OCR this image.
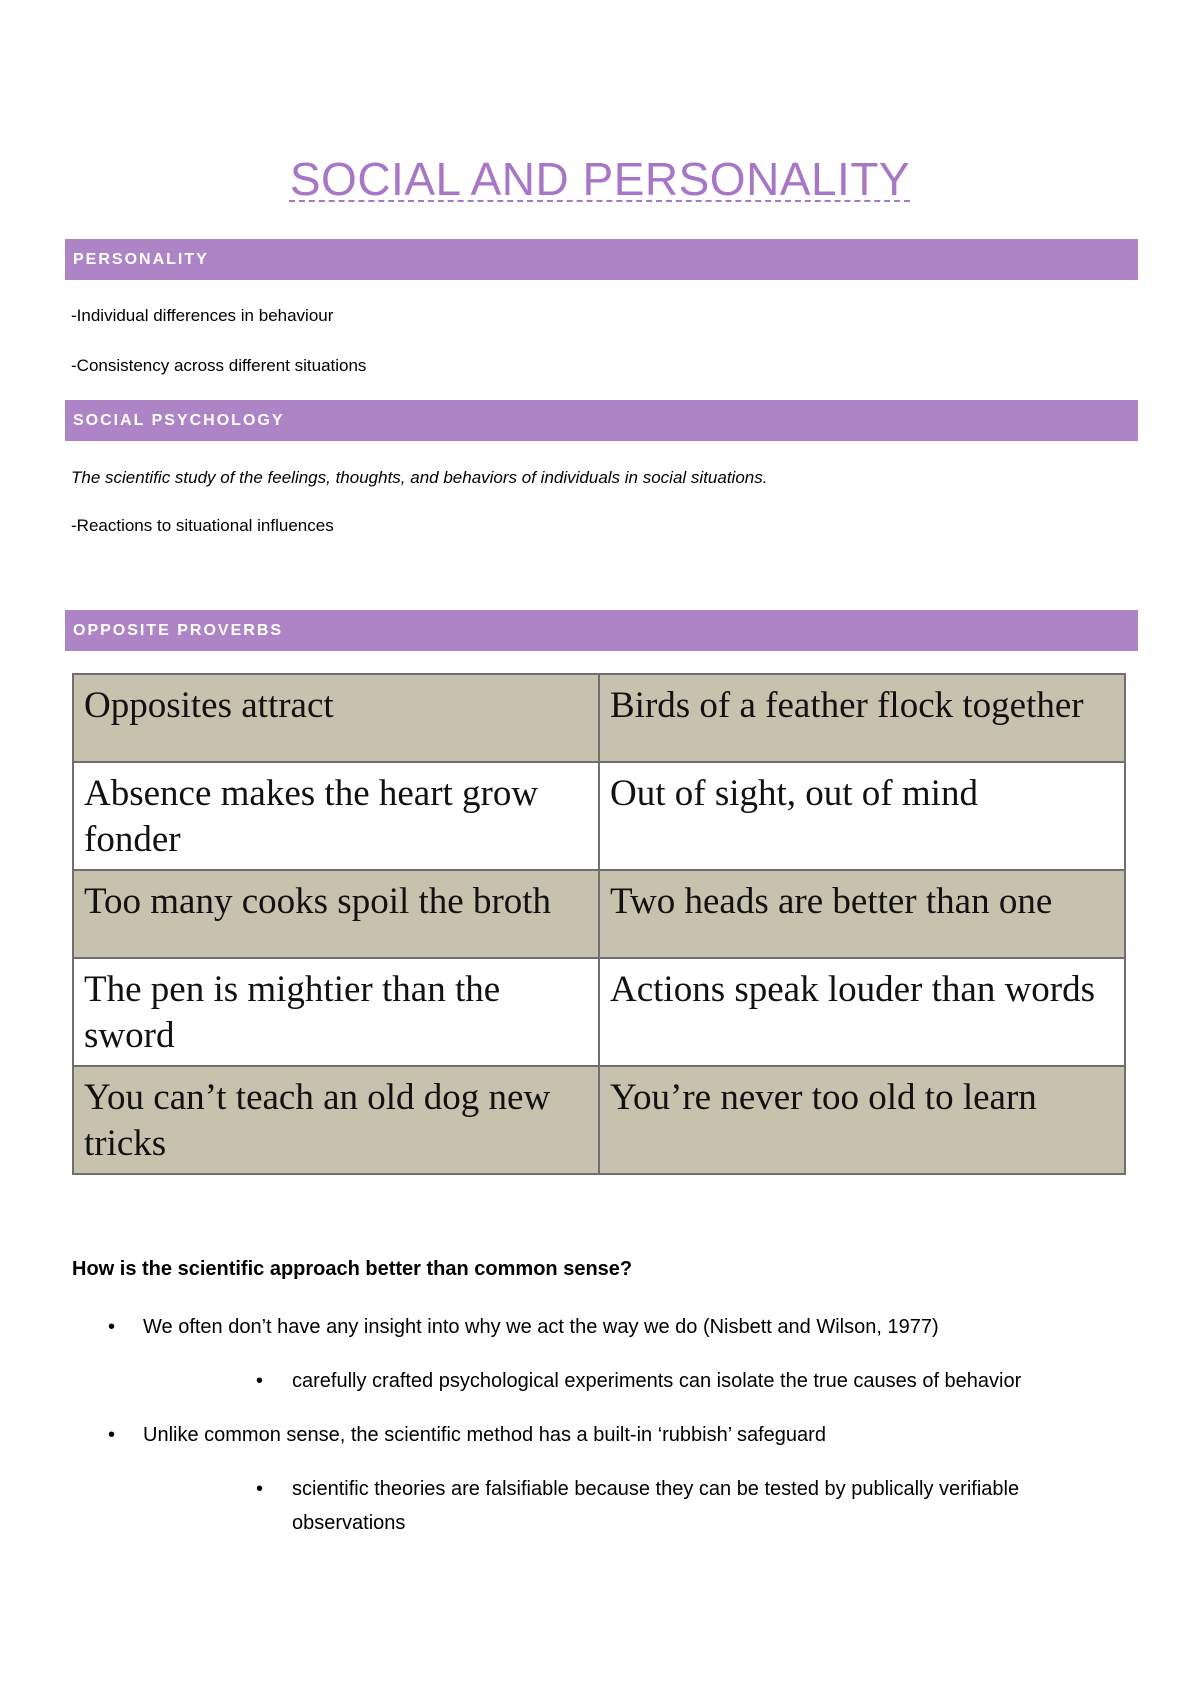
SOCIAL AND PERSONALITY
PERSONALITY
-Individual differences in behaviour
-Consistency across different situations
SOCIAL PSYCHOLOGY
The scientific study of the feelings, thoughts, and behaviors of individuals in social situations.
-Reactions to situational influences
OPPOSITE PROVERBS
Opposites attract	Birds of a feather flock together
Absence makes the heart grow fonder	Out of sight, out of mind
Too many cooks spoil the broth	Two heads are better than one
The pen is mightier than the sword	Actions speak louder than words
You can’t teach an old dog new tricks	You’re never too old to learn
How is the scientific approach better than common sense?
• We often don’t have any insight into why we act the way we do (Nisbett and Wilson, 1977)
• carefully crafted psychological experiments can isolate the true causes of behavior
• Unlike common sense, the scientific method has a built-in ‘rubbish’ safeguard
• scientific theories are falsifiable because they can be tested by publically verifiable observations
